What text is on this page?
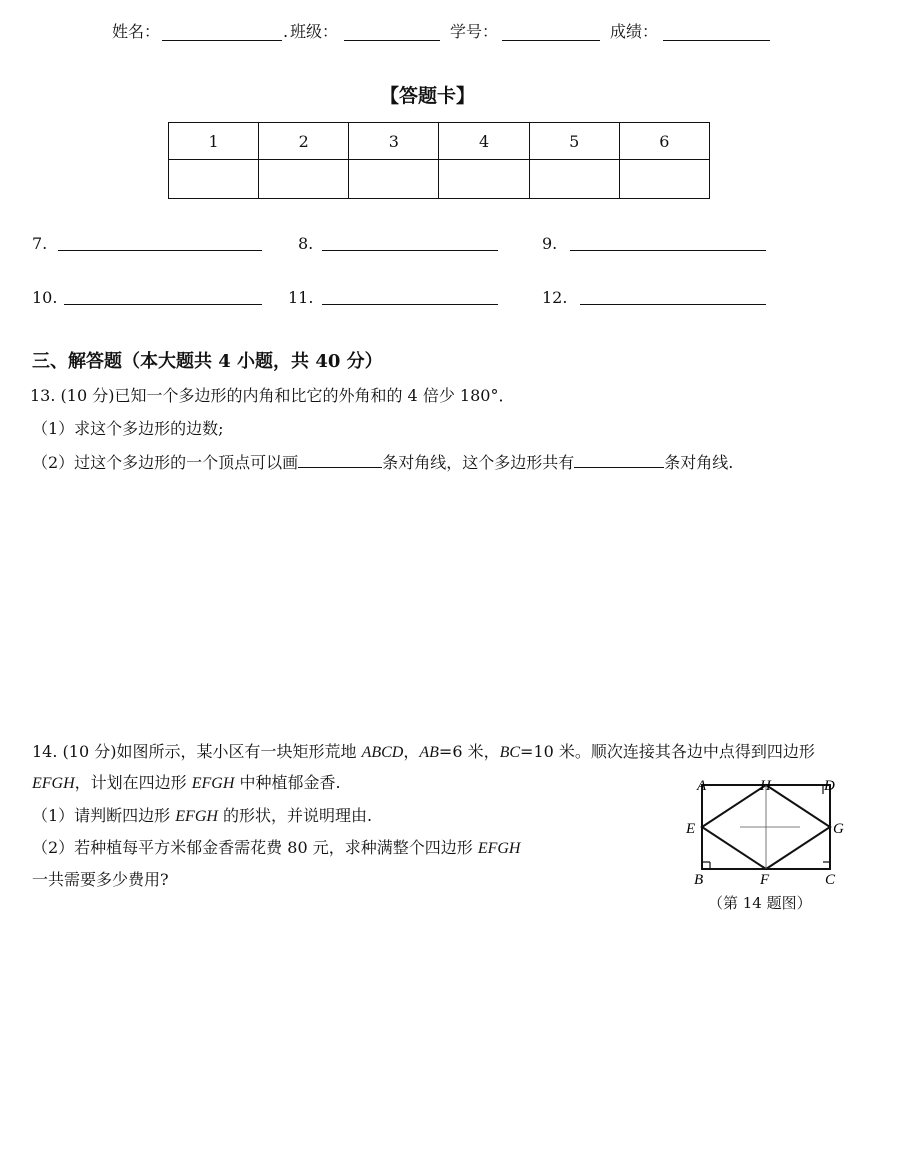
姓名：	. 班级：	学号：	成绩：
【答题卡】
1	2	3	4	5	6

7.	8.	9.
10.	11.	12.
三、解答题（本大题共 4 小题，共 40 分）
13. (10 分)已知一个多边形的内角和比它的外角和的 4 倍少 180°．
（1）求这个多边形的边数;
（2）过这个多边形的一个顶点可以画	条对角线，这个多边形共有	条对角线.
14. (10 分)如图所示，某小区有一块矩形荒地 ABCD，AB=6 米，BC=10 米。顺次连接其各边中点得到四边形
EFGH，计划在四边形 EFGH 中种植郁金香.
（1）请判断四边形 EFGH 的形状，并说明理由.
（2）若种植每平方米郁金香需花费 80 元，求种满整个四边形 EFGH
一共需要多少费用?
A	H	D
E	G
B	F	C
（第 14 题图）
